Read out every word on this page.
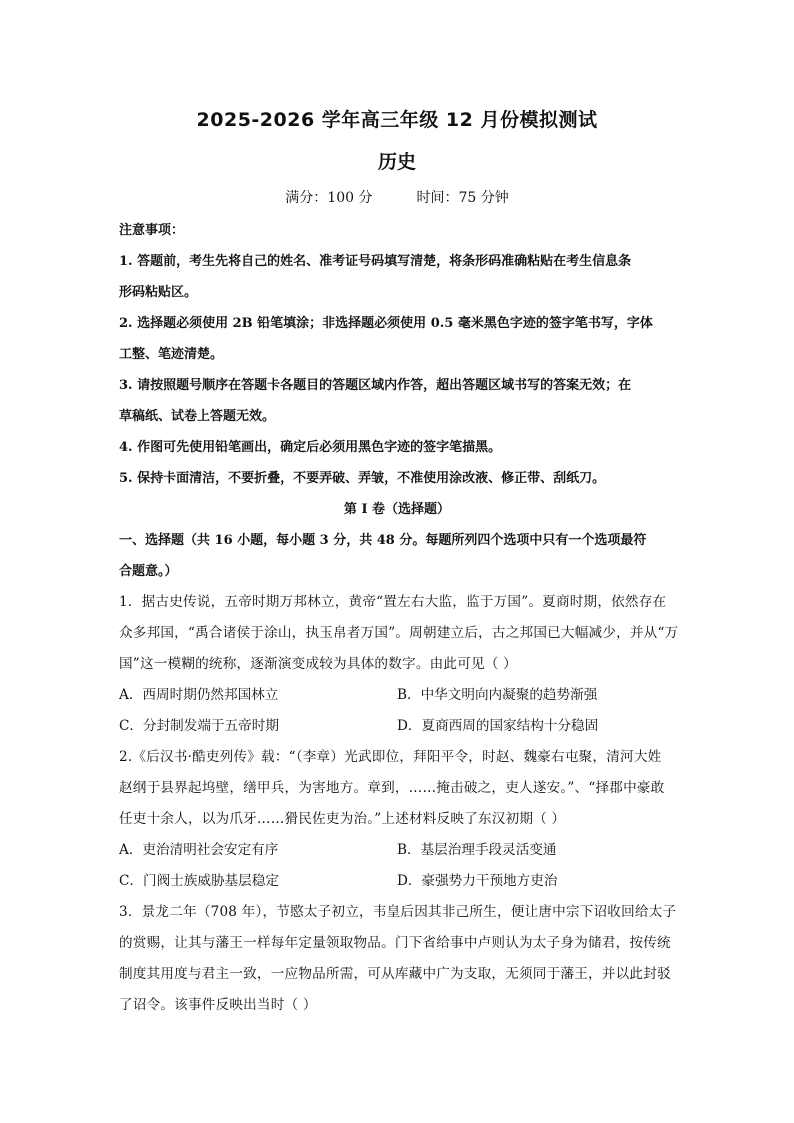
2025-2026 学年高三年级 12 月份模拟测试
历史
满分：100 分	时间：75 分钟
注意事项：
1. 答题前，考生先将自己的姓名、准考证号码填写清楚，将条形码准确粘贴在考生信息条
形码粘贴区。
2. 选择题必须使用 2B 铅笔填涂；非选择题必须使用 0.5 毫米黑色字迹的签字笔书写，字体
工整、笔迹清楚。
3. 请按照题号顺序在答题卡各题目的答题区域内作答，超出答题区域书写的答案无效；在
草稿纸、试卷上答题无效。
4. 作图可先使用铅笔画出，确定后必须用黑色字迹的签字笔描黑。
5. 保持卡面清洁，不要折叠，不要弄破、弄皱，不准使用涂改液、修正带、刮纸刀。
第 I 卷（选择题）
一、选择题（共 16 小题，每小题 3 分，共 48 分。每题所列四个选项中只有一个选项最符
合题意。）
1．据古史传说，五帝时期万邦林立，黄帝“置左右大监，监于万国”。夏商时期，依然存在
众多邦国，“禹合诸侯于涂山，执玉帛者万国”。周朝建立后，古之邦国已大幅减少，并从“万
国”这一模糊的统称，逐渐演变成较为具体的数字。由此可见（ ）
A．西周时期仍然邦国林立	B．中华文明向内凝聚的趋势渐强
C．分封制发端于五帝时期	D．夏商西周的国家结构十分稳固
2.《后汉书·酷吏列传》载：“（李章）光武即位，拜阳平令，时赵、魏豪右屯聚，清河大姓
赵纲于县界起坞壁，缮甲兵，为害地方。章到，……掩击破之，吏人遂安。”、“择郡中豪敢
任吏十余人，以为爪牙……猾民佐吏为治。”上述材料反映了东汉初期（ ）
A．吏治清明社会安定有序	B．基层治理手段灵活变通
C．门阀士族威胁基层稳定	D．豪强势力干预地方吏治
3．景龙二年（708 年），节愍太子初立，韦皇后因其非己所生，便让唐中宗下诏收回给太子
的赏赐，让其与藩王一样每年定量领取物品。门下省给事中卢则认为太子身为储君，按传统
制度其用度与君主一致，一应物品所需，可从库藏中广为支取，无须同于藩王，并以此封驳
了诏令。该事件反映出当时（ ）
